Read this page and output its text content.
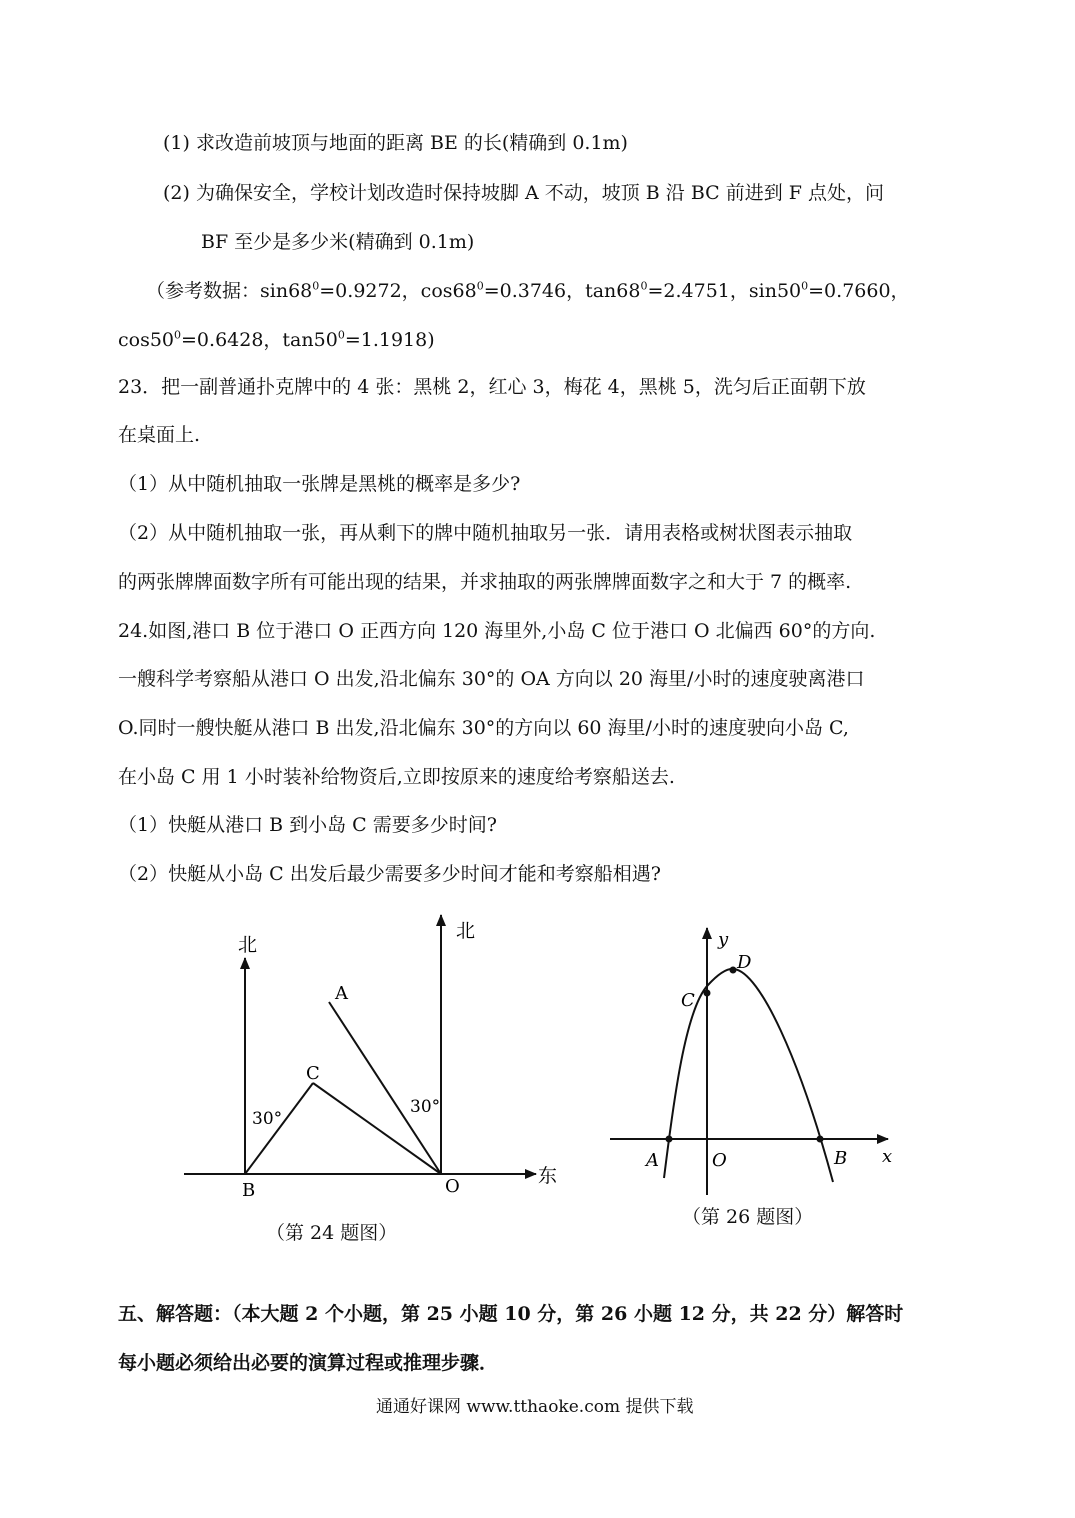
(1) 求改造前坡顶与地面的距离 BE 的长(精确到 0.1m)
(2) 为确保安全，学校计划改造时保持坡脚 A 不动，坡顶 B 沿 BC 前进到 F 点处，问
BF 至少是多少米(精确到 0.1m)
（参考数据：$\sin 68^0=0.9272$，$\cos 68^0=0.3746$，$\tan 68^0=2.4751$，$\sin 50^0=0.7660$，
$\cos 50^0=0.6428$，$\tan 50^0=1.1918$)
23．把一副普通扑克牌中的 4 张：黑桃 2，红心 3，梅花 4，黑桃 5，洗匀后正面朝下放
在桌面上.
（1）从中随机抽取一张牌是黑桃的概率是多少?
（2）从中随机抽取一张，再从剩下的牌中随机抽取另一张．请用表格或树状图表示抽取
的两张牌牌面数字所有可能出现的结果，并求抽取的两张牌牌面数字之和大于 7 的概率.
24.如图,港口 B 位于港口 O 正西方向 120 海里外,小岛 C 位于港口 O 北偏西 60°的方向.
一艘科学考察船从港口 O 出发,沿北偏东 30°的 OA 方向以 20 海里/小时的速度驶离港口
O.同时一艘快艇从港口 B 出发,沿北偏东 30°的方向以 60 海里/小时的速度驶向小岛 C,
在小岛 C 用 1 小时装补给物资后,立即按原来的速度给考察船送去.
（1）快艇从港口 B 到小岛 C 需要多少时间?
（2）快艇从小岛 C 出发后最少需要多少时间才能和考察船相遇?
北
北
东
A
C
B	O
30°
30°
（第 24 题图）
y
D
C
A	O	B x
（第 26 题图）
五、解答题：（本大题 2 个小题，第 25 小题 10 分，第 26 小题 12 分，共 22 分）解答时
每小题必须给出必要的演算过程或推理步骤．
通通好课网 www.tthaoke.com 提供下载
